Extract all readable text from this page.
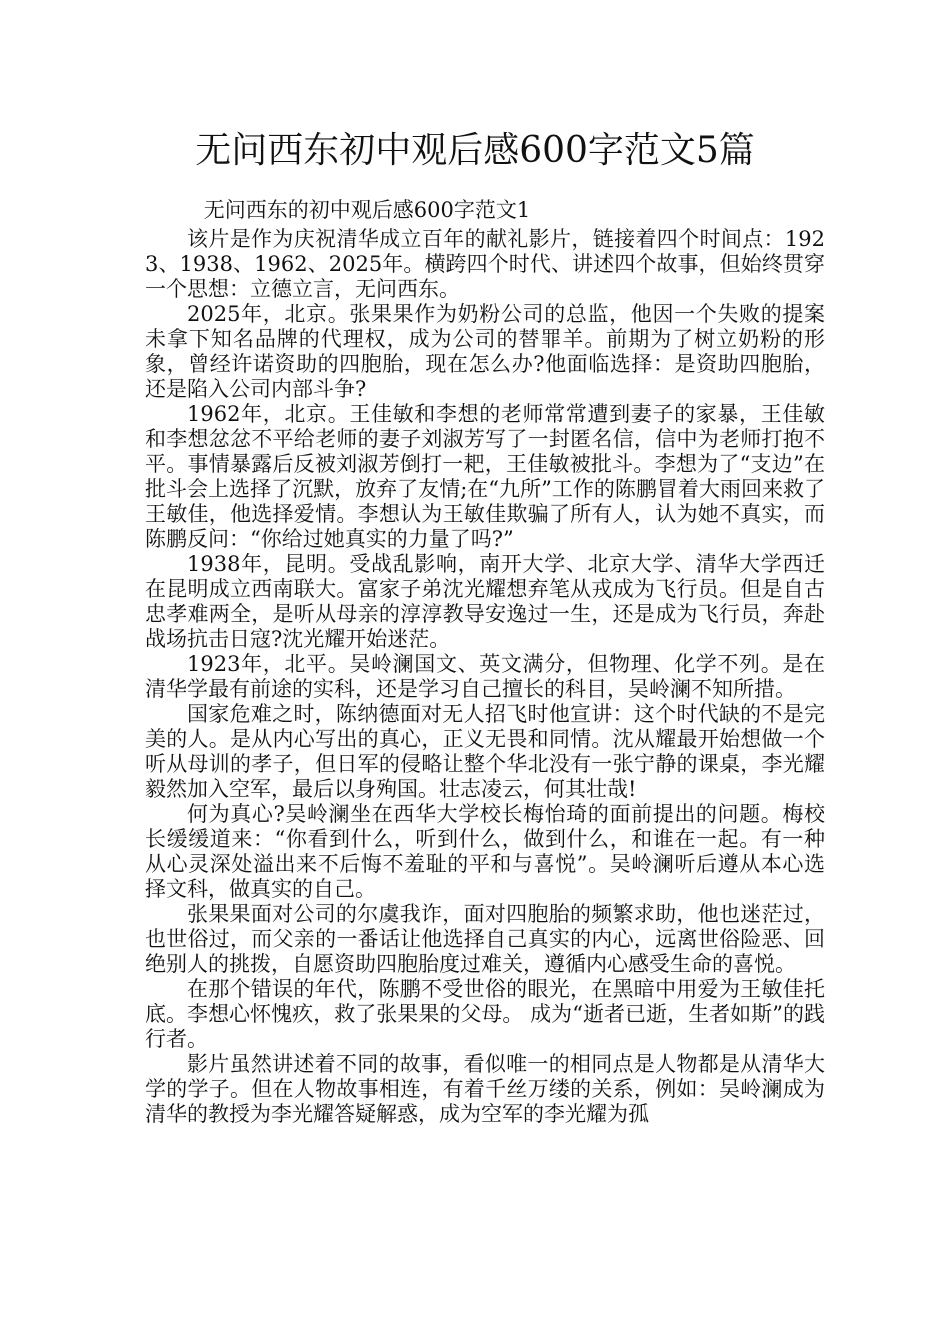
无问西东初中观后感600字范文5篇

无问西东的初中观后感600字范文1

该片是作为庆祝清华成立百年的献礼影片，链接着四个时间点：1923、1938、1962、2025年。横跨四个时代、讲述四个故事，但始终贯穿一个思想：立德立言，无问西东。

2025年，北京。张果果作为奶粉公司的总监，他因一个失败的提案未拿下知名品牌的代理权，成为公司的替罪羊。前期为了树立奶粉的形象，曾经许诺资助的四胞胎，现在怎么办?他面临选择：是资助四胞胎，还是陷入公司内部斗争?

1962年，北京。王佳敏和李想的老师常常遭到妻子的家暴，王佳敏和李想忿忿不平给老师的妻子刘淑芳写了一封匿名信，信中为老师打抱不平。事情暴露后反被刘淑芳倒打一耙，王佳敏被批斗。李想为了“支边”在批斗会上选择了沉默，放弃了友情;在“九所”工作的陈鹏冒着大雨回来救了王敏佳，他选择爱情。李想认为王敏佳欺骗了所有人，认为她不真实，而陈鹏反问：“你给过她真实的力量了吗?”

1938年，昆明。受战乱影响，南开大学、北京大学、清华大学西迁在昆明成立西南联大。富家子弟沈光耀想弃笔从戎成为飞行员。但是自古忠孝难两全，是听从母亲的淳淳教导安逸过一生，还是成为飞行员，奔赴战场抗击日寇?沈光耀开始迷茫。

1923年，北平。吴岭澜国文、英文满分，但物理、化学不列。是在清华学最有前途的实科，还是学习自己擅长的科目，吴岭澜不知所措。

国家危难之时，陈纳德面对无人招飞时他宣讲：这个时代缺的不是完美的人。是从内心写出的真心，正义无畏和同情。沈从耀最开始想做一个听从母训的孝子，但日军的侵略让整个华北没有一张宁静的课桌，李光耀毅然加入空军，最后以身殉国。壮志凌云，何其壮哉!

何为真心?吴岭澜坐在西华大学校长梅怡琦的面前提出的问题。梅校长缓缓道来：“你看到什么，听到什么，做到什么，和谁在一起。有一种从心灵深处溢出来不后悔不羞耻的平和与喜悦”。吴岭澜听后遵从本心选择文科，做真实的自己。

张果果面对公司的尔虞我诈，面对四胞胎的频繁求助，他也迷茫过，也世俗过，而父亲的一番话让他选择自己真实的内心，远离世俗险恶、回绝别人的挑拨，自愿资助四胞胎度过难关，遵循内心感受生命的喜悦。

在那个错误的年代，陈鹏不受世俗的眼光，在黑暗中用爱为王敏佳托底。李想心怀愧疚，救了张果果的父母。 成为“逝者已逝，生者如斯”的践行者。

影片虽然讲述着不同的故事，看似唯一的相同点是人物都是从清华大学的学子。但在人物故事相连，有着千丝万缕的关系，例如：吴岭澜成为清华的教授为李光耀答疑解惑，成为空军的李光耀为孤
